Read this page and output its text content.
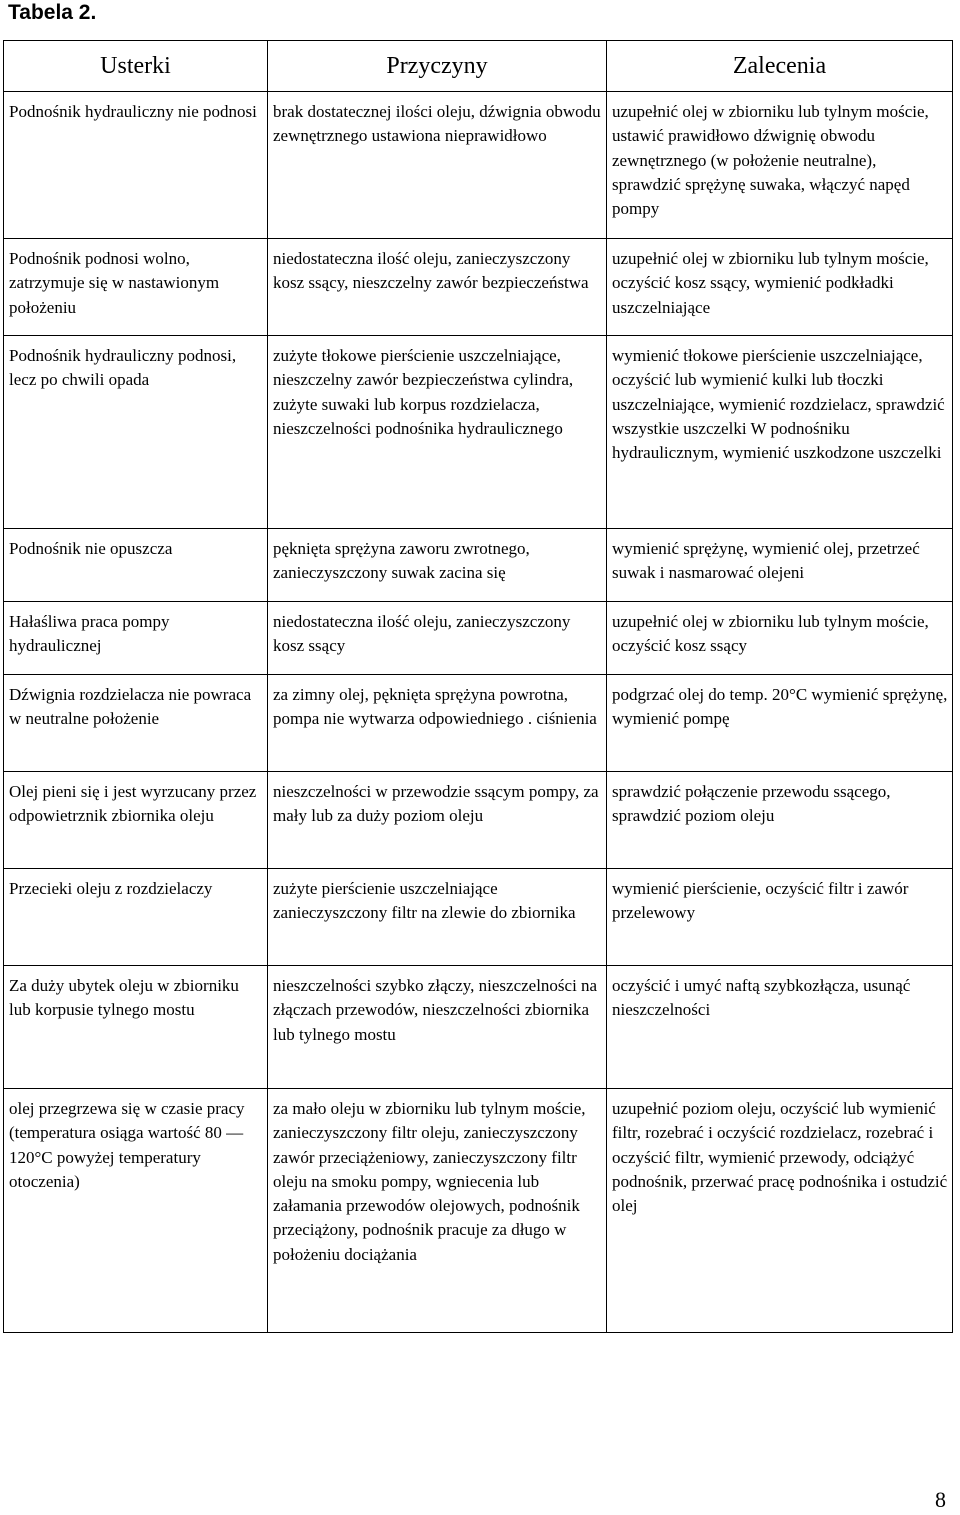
Tabela 2.
Usterki	Przyczyny	Zalecenia
Podnośnik hydrauliczny nie podnosi	brak dostatecznej ilości oleju, dźwignia obwodu zewnętrznego ustawiona nieprawidłowo	uzupełnić olej w zbiorniku lub tylnym moście, ustawić prawidłowo dźwignię obwodu zewnętrznego (w położenie neutralne), sprawdzić sprężynę suwaka, włączyć napęd pompy
Podnośnik podnosi wolno, zatrzymuje się w nastawionym położeniu	niedostateczna ilość oleju, zanieczyszczony kosz ssący, nieszczelny zawór bezpieczeństwa	uzupełnić olej w zbiorniku lub tylnym moście, oczyścić kosz ssący, wymienić podkładki uszczelniające
Podnośnik hydrauliczny podnosi, lecz po chwili opada	zużyte tłokowe pierścienie uszczelniające, nieszczelny zawór bezpieczeństwa cylindra, zużyte suwaki lub korpus rozdzielacza, nieszczelności podnośnika hydraulicznego	wymienić tłokowe pierścienie uszczelniające, oczyścić lub wymienić kulki lub tłoczki uszczelniające, wymienić rozdzielacz, sprawdzić wszystkie uszczelki W podnośniku hydraulicznym, wymienić uszkodzone uszczelki
Podnośnik nie opuszcza	pęknięta sprężyna zaworu zwrotnego, zanieczyszczony suwak zacina się	wymienić sprężynę, wymienić olej, przetrzeć suwak i nasmarować olejeni
Hałaśliwa praca pompy hydraulicznej	niedostateczna ilość oleju, zanieczyszczony kosz ssący	uzupełnić olej w zbiorniku lub tylnym moście, oczyścić kosz ssący
Dźwignia rozdzielacza nie powraca w neutralne położenie	za zimny olej, pęknięta sprężyna powrotna, pompa nie wytwarza odpowiedniego . ciśnienia	podgrzać olej do temp. 20°C wymienić sprężynę, wymienić pompę
Olej pieni się i jest wyrzucany przez odpowietrznik zbiornika oleju	nieszczelności w przewodzie ssącym pompy, za mały lub za duży poziom oleju	sprawdzić połączenie przewodu ssącego, sprawdzić poziom oleju
Przecieki oleju z rozdzielaczy	zużyte pierścienie uszczelniające zanieczyszczony filtr na zlewie do zbiornika	wymienić pierścienie, oczyścić filtr i zawór przelewowy
Za duży ubytek oleju w zbiorniku lub korpusie tylnego mostu	nieszczelności szybko złączy, nieszczelności na złączach przewodów, nieszczelności zbiornika lub tylnego mostu	oczyścić i umyć naftą szybkozłącza, usunąć nieszczelności
olej przegrzewa się w czasie pracy (temperatura osiąga wartość 80 — 120°C powyżej temperatury otoczenia)	za mało oleju w zbiorniku lub tylnym moście, zanieczyszczony filtr oleju, zanieczyszczony zawór przeciążeniowy, zanieczyszczony filtr oleju na smoku pompy, wgniecenia lub załamania przewodów olejowych, podnośnik przeciążony, podnośnik pracuje za długo w położeniu dociążania	uzupełnić poziom oleju, oczyścić lub wymienić filtr, rozebrać i oczyścić rozdzielacz, rozebrać i oczyścić filtr, wymienić przewody, odciążyć podnośnik, przerwać pracę podnośnika i ostudzić olej
8
